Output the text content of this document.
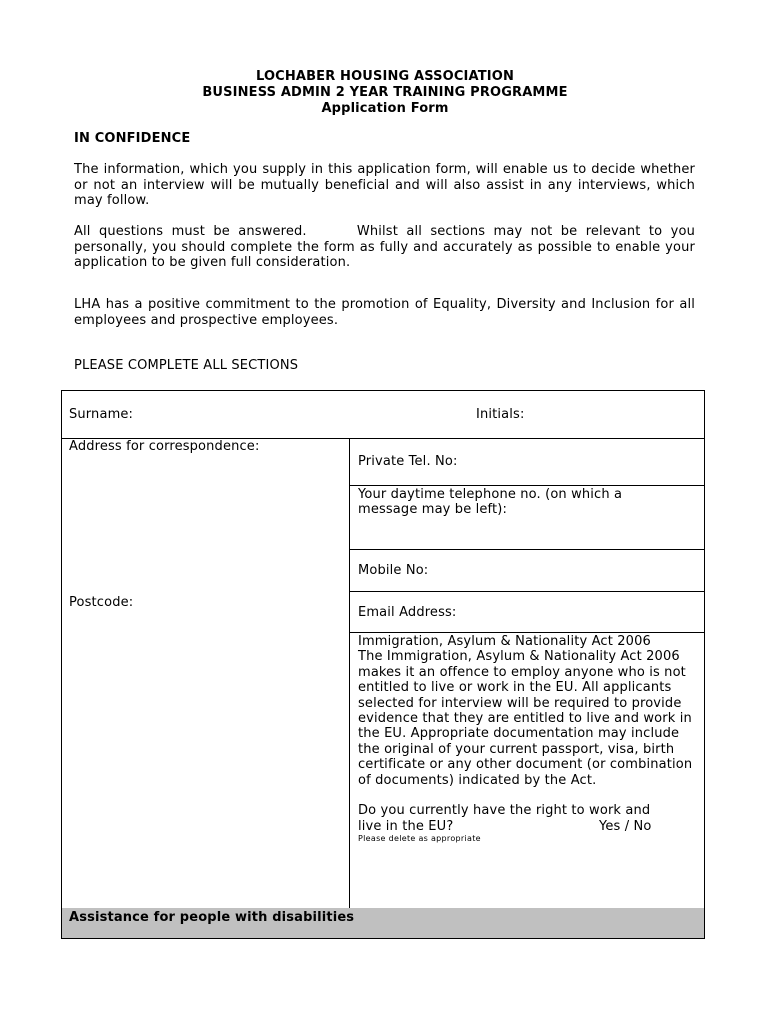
LOCHABER HOUSING ASSOCIATION
BUSINESS ADMIN 2 YEAR TRAINING PROGRAMME
Application Form
IN CONFIDENCE
The information, which you supply in this application form, will enable us to decide whether or not an interview will be mutually beneficial and will also assist in any interviews, which may follow.
All questions must be answered.      Whilst all sections may not be relevant to you personally, you should complete the form as fully and accurately as possible to enable your application to be given full consideration.
LHA has a positive commitment to the promotion of Equality, Diversity and Inclusion for all employees and prospective employees.
PLEASE COMPLETE ALL SECTIONS
Surname:	Initials:
Address for correspondence:
Postcode:
Private Tel. No:
Your daytime telephone no. (on which a message may be left):
Mobile No:
Email Address:
Immigration, Asylum & Nationality Act 2006
The Immigration, Asylum & Nationality Act 2006 makes it an offence to employ anyone who is not entitled to live or work in the EU. All applicants selected for interview will be required to provide evidence that they are entitled to live and work in the EU. Appropriate documentation may include the original of your current passport, visa, birth certificate or any other document (or combination of documents) indicated by the Act.
Do you currently have the right to work and
live in the EU?	Yes / No
Please delete as appropriate
Assistance for people with disabilities
